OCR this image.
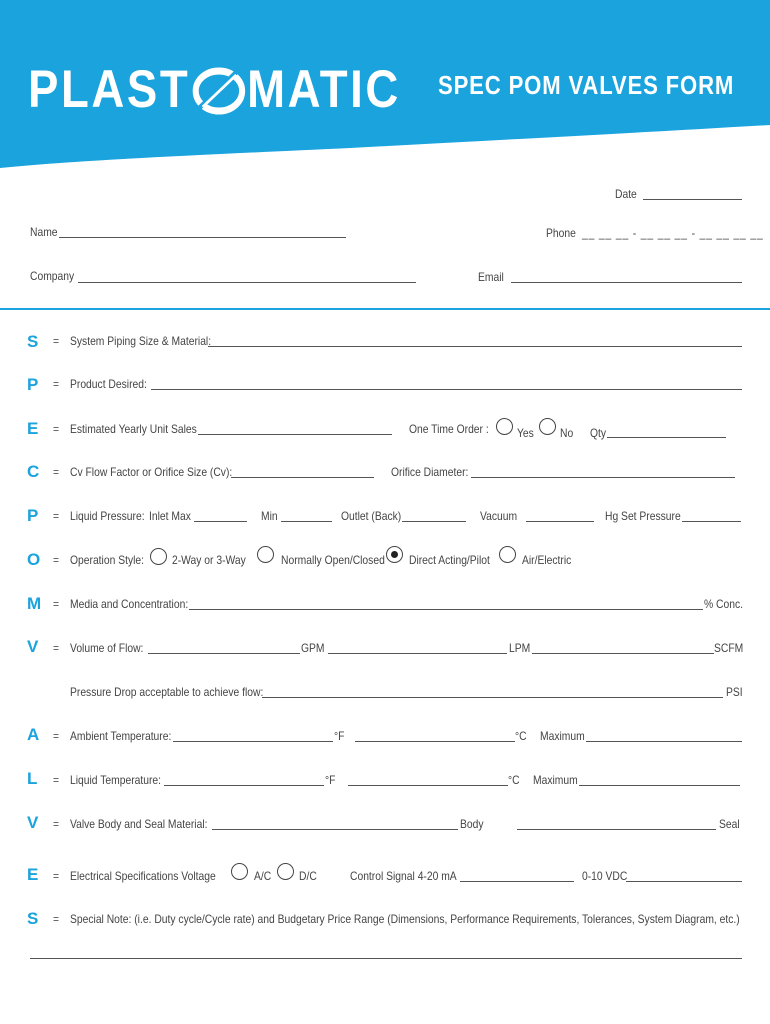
PLAST MATIC SPEC POM VALVES FORM
Date
Name	Phone __ __ __ - __ __ __ - __ __ __ __
Company	Email
S = System Piping Size & Material:
P = Product Desired:
E = Estimated Yearly Unit Sales	One Time Order : Yes No Qty
C = Cv Flow Factor or Orifice Size (Cv):	Orifice Diameter:
P = Liquid Pressure: Inlet Max	Min	Outlet (Back)	Vacuum	Hg Set Pressure
O = Operation Style: 2-Way or 3-Way	Normally Open/Closed Direct Acting/Pilot	Air/Electric
M = Media and Concentration:	% Conc.
V = Volume of Flow:	GPM	LPM	SCFM
Pressure Drop acceptable to achieve flow:	PSI
A = Ambient Temperature:	°F	°C Maximum
L = Liquid Temperature:	°F	°C Maximum
V = Valve Body and Seal Material:	Body	Seal
E = Electrical Specifications Voltage	A/C D/C	Control Signal 4-20 mA	0-10 VDC
S = Special Note: (i.e. Duty cycle/Cycle rate) and Budgetary Price Range (Dimensions, Performance Requirements, Tolerances, System Diagram, etc.)
